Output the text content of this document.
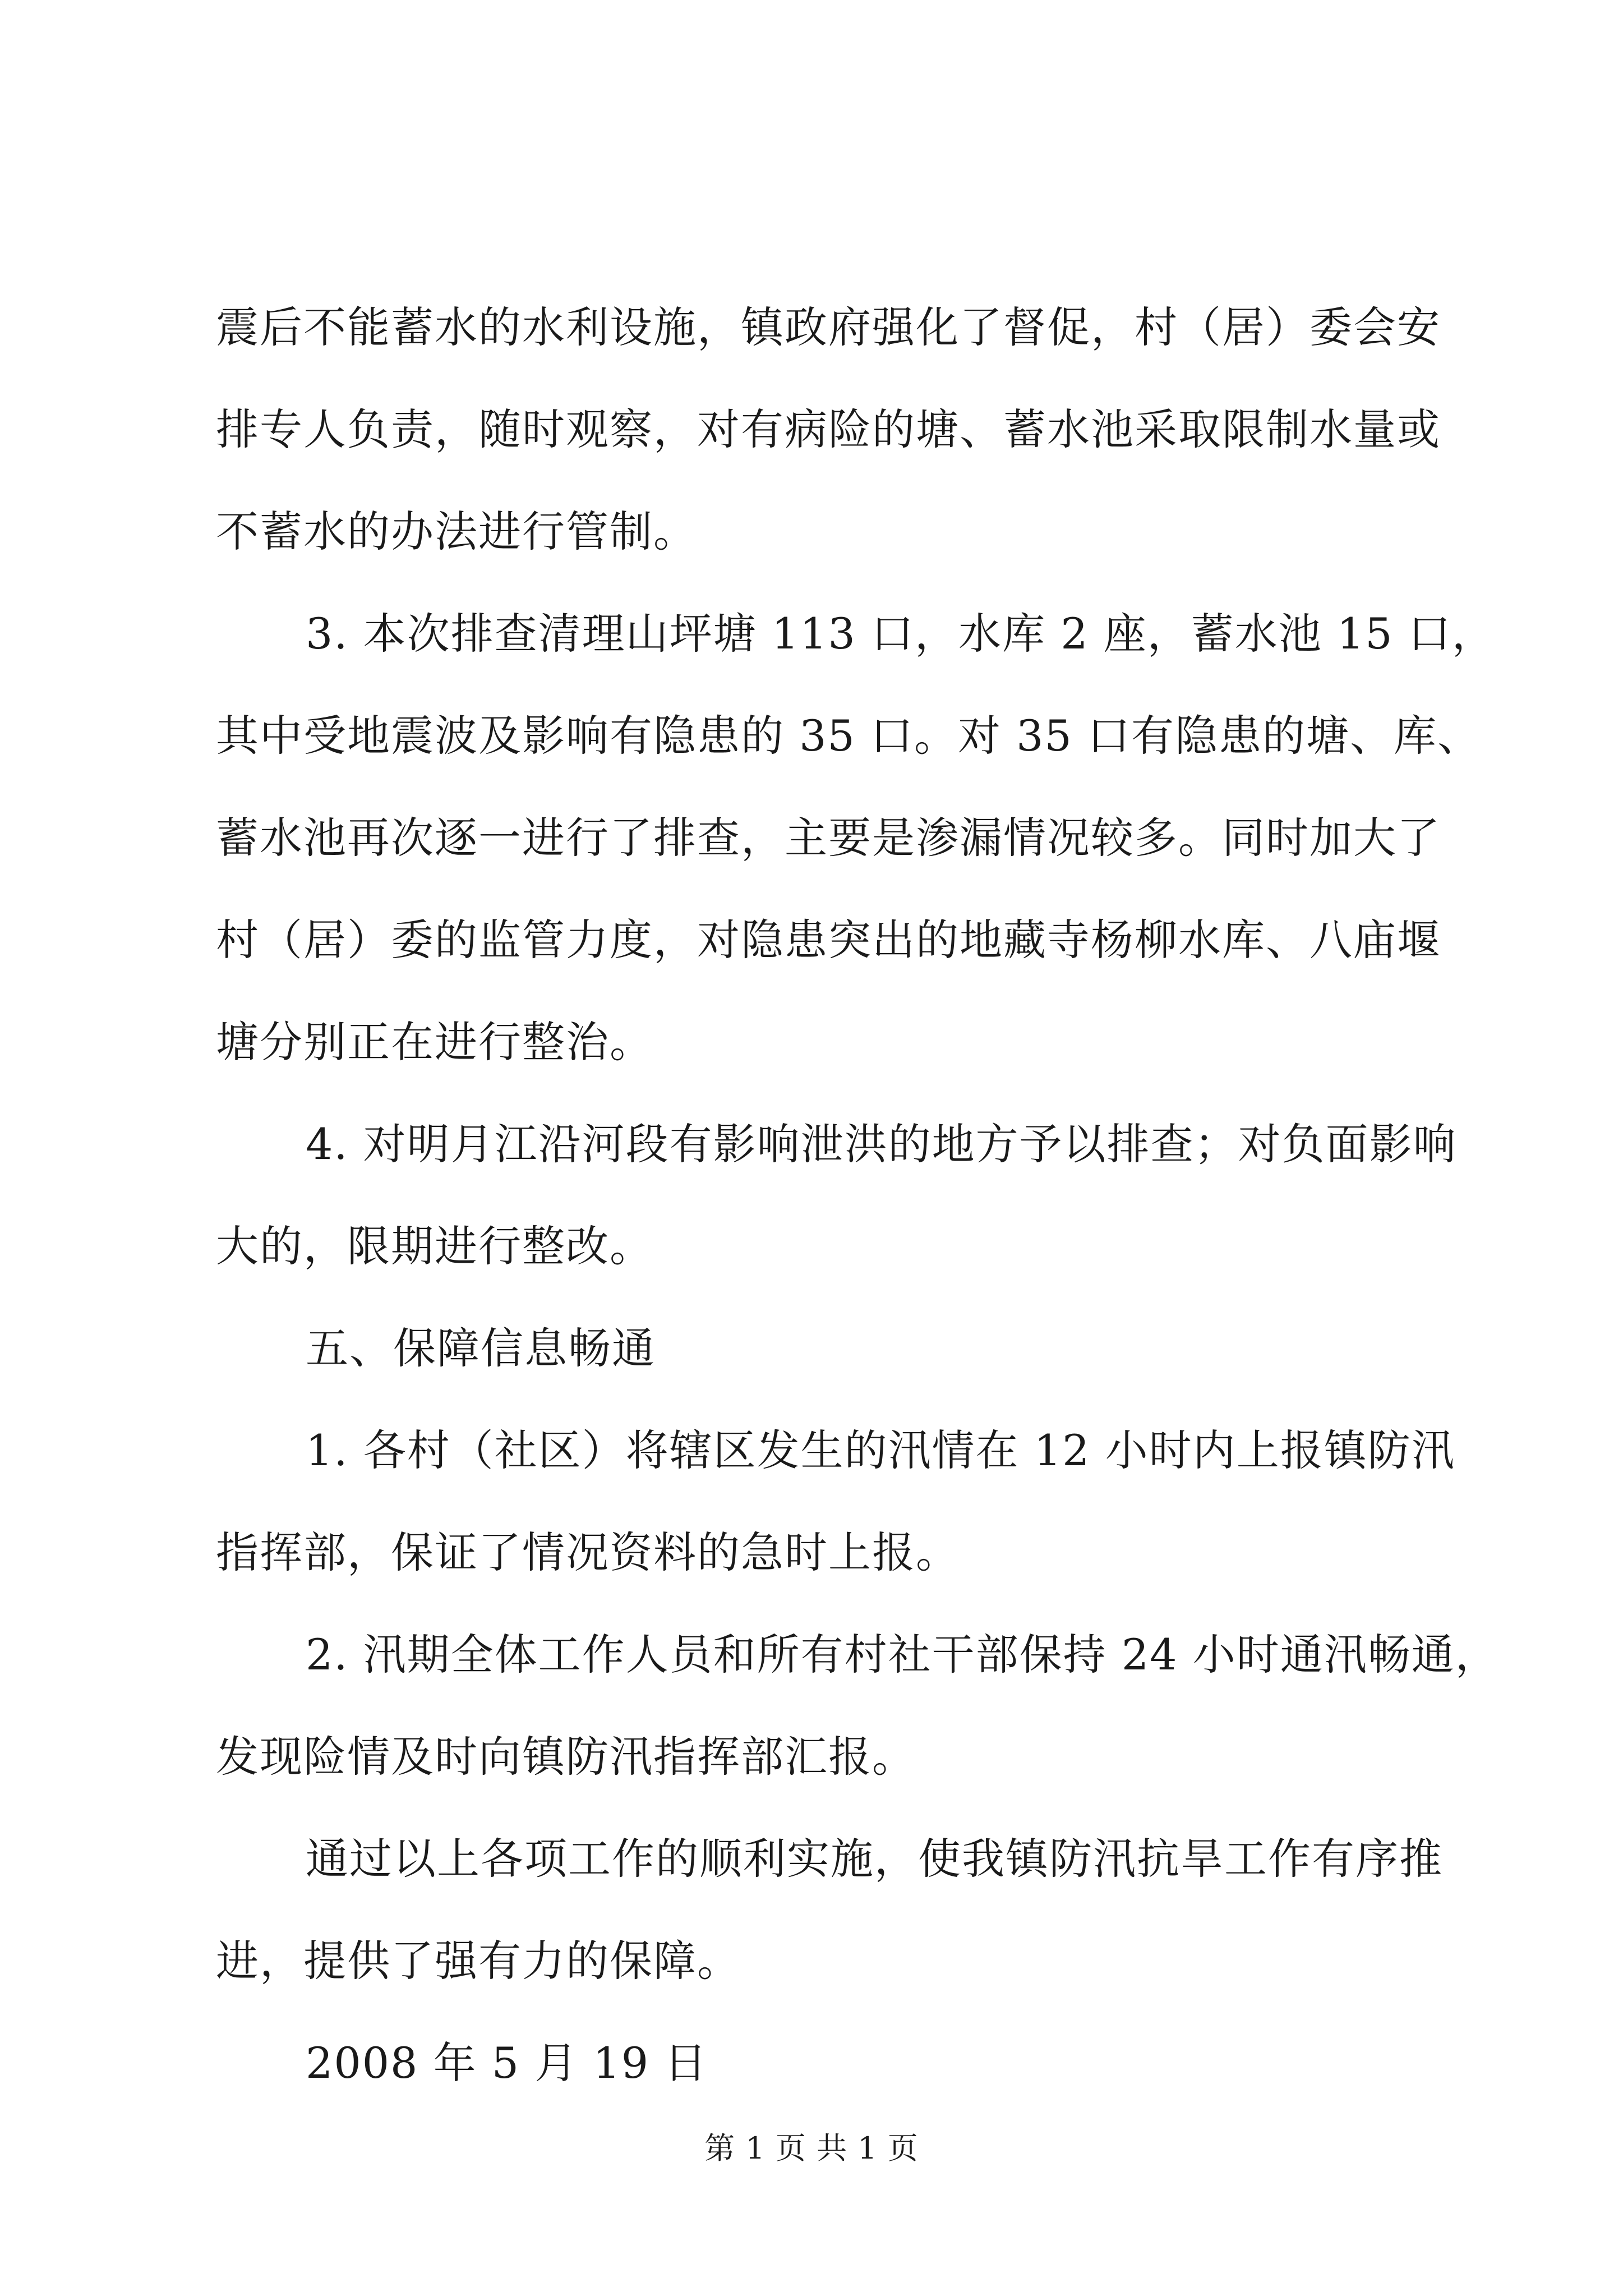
震后不能蓄水的水利设施，镇政府强化了督促，村（居）委会安
排专人负责，随时观察，对有病险的塘、蓄水池采取限制水量或
不蓄水的办法进行管制。
3. 本次排查清理山坪塘 113 口，水库 2 座，蓄水池 15 口，
其中受地震波及影响有隐患的 35 口。对 35 口有隐患的塘、库、
蓄水池再次逐一进行了排查，主要是渗漏情况较多。同时加大了
村（居）委的监管力度，对隐患突出的地藏寺杨柳水库、八庙堰
塘分别正在进行整治。
4. 对明月江沿河段有影响泄洪的地方予以排查；对负面影响
大的，限期进行整改。
五、保障信息畅通
1. 各村（社区）将辖区发生的汛情在 12 小时内上报镇防汛
指挥部，保证了情况资料的急时上报。
2. 汛期全体工作人员和所有村社干部保持 24 小时通汛畅通，
发现险情及时向镇防汛指挥部汇报。
通过以上各项工作的顺利实施，使我镇防汛抗旱工作有序推
进，提供了强有力的保障。
2008 年 5 月 19 日
第 1 页 共 1 页
